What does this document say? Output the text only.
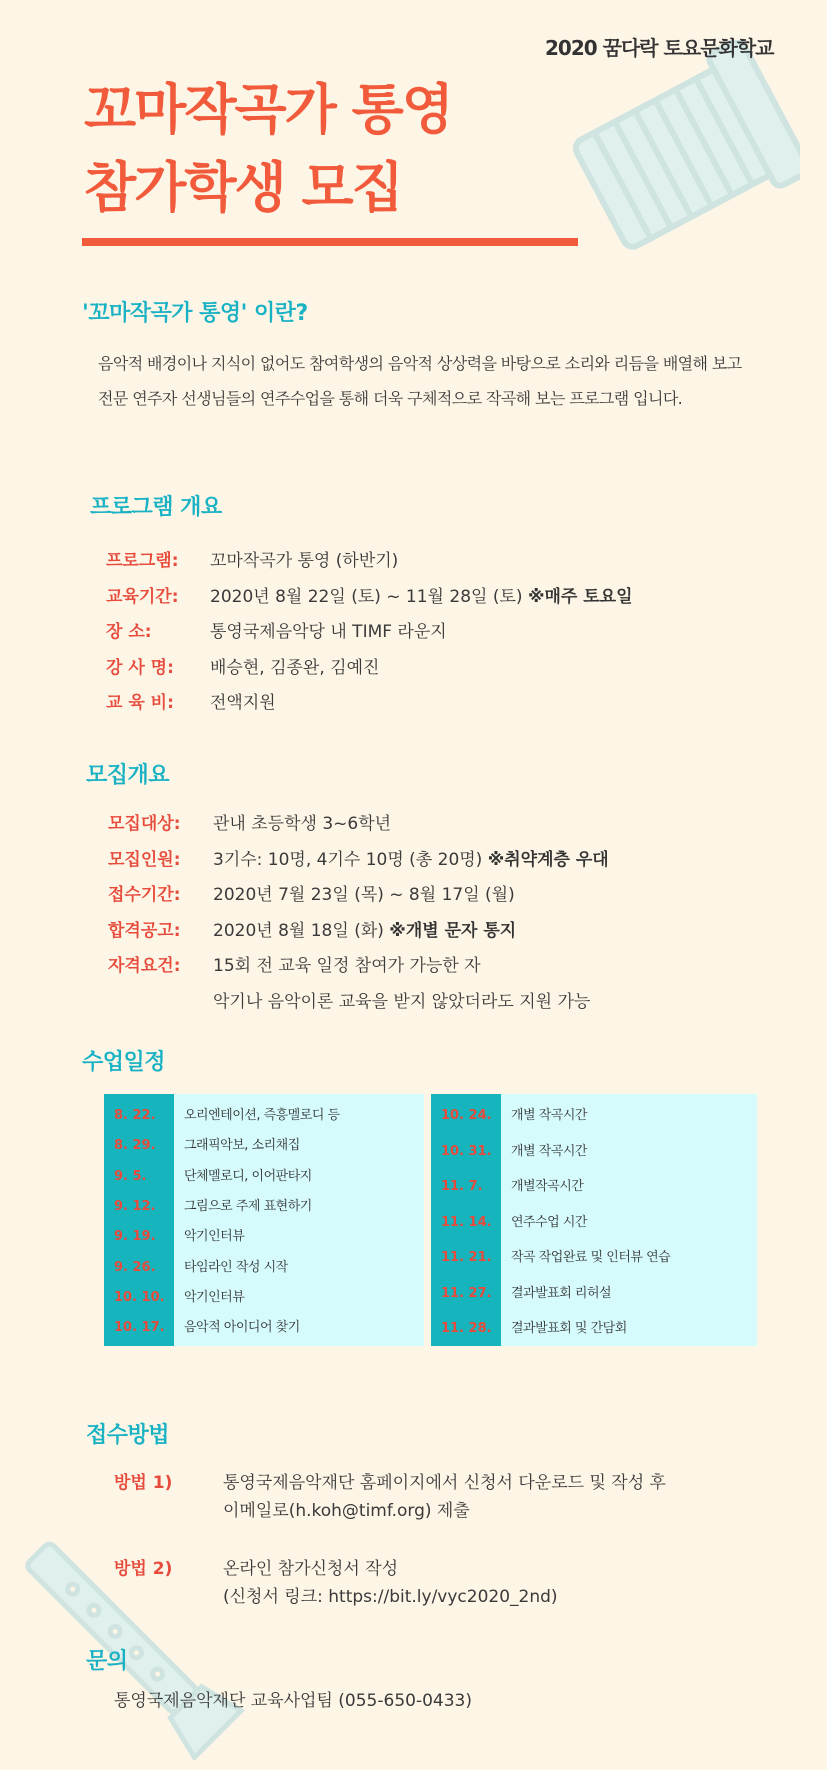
2020 꿈다락 토요문화학교
꼬마작곡가 통영
참가학생 모집
'꼬마작곡가 통영' 이란?
음악적 배경이나 지식이 없어도 참여학생의 음악적 상상력을 바탕으로 소리와 리듬을 배열해 보고 전문 연주자 선생님들의 연주수업을 통해 더욱 구체적으로 작곡해 보는 프로그램 입니다.
프로그램 개요
프로그램: 꼬마작곡가 통영 (하반기)
교육기간: 2020년 8월 22일 (토) ~ 11월 28일 (토) ※매주 토요일
장 소:	통영국제음악당 내 TIMF 라운지
강 사 명: 배승현, 김종완, 김예진
교 육 비: 전액지원
모집개요
모집대상: 관내 초등학생 3~6학년
모집인원: 3기수: 10명, 4기수 10명 (총 20명) ※취약계층 우대
접수기간: 2020년 7월 23일 (목) ~ 8월 17일 (월)
합격공고: 2020년 8월 18일 (화) ※개별 문자 통지
자격요건: 15회 전 교육 일정 참여가 가능한 자
악기나 음악이론 교육을 받지 않았더라도 지원 가능
수업일정
8. 22. 오리엔테이션, 즉흥멜로디 등
8. 29. 그래픽악보, 소리채집
9. 5.	단체멜로디, 이어판타지
9. 12. 그림으로 주제 표현하기
9. 19. 악기인터뷰
9. 26. 타임라인 작성 시작
10. 10. 악기인터뷰
10. 17. 음악적 아이디어 찾기
10. 24. 개별 작곡시간
10. 31. 개별 작곡시간
11. 7. 개별작곡시간
11. 14. 연주수업 시간
11. 21. 작곡 작업완료 및 인터뷰 연습
11. 27. 결과발표회 리허설
11. 28. 결과발표회 및 간담회
접수방법
방법 1)	통영국제음악재단 홈페이지에서 신청서 다운로드 및 작성 후
이메일로(h.koh@timf.org) 제출
방법 2)	온라인 참가신청서 작성
(신청서 링크: https://bit.ly/vyc2020_2nd)
문의
통영국제음악재단 교육사업팀 (055-650-0433)
